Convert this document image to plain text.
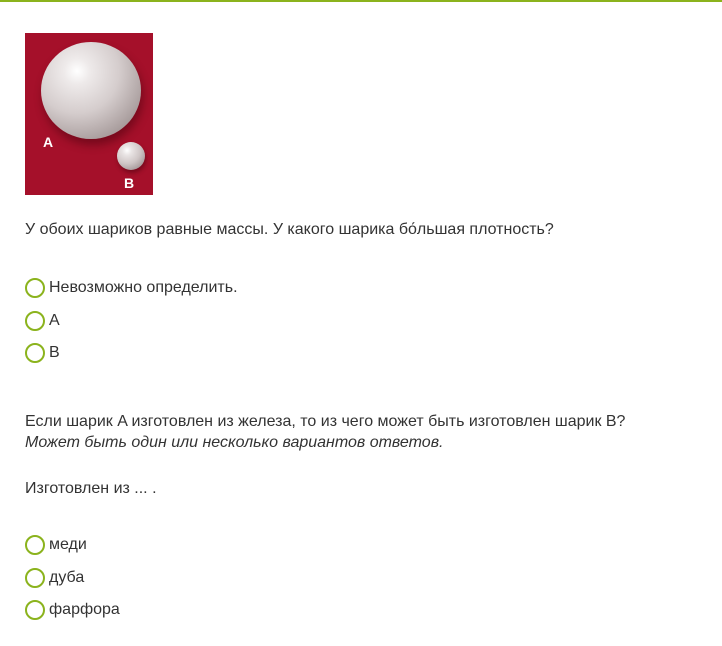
A
B
У обоих шариков равные массы. У какого шарика бо́льшая плотность?
Невозможно определить.
A
B
Если шарик A изготовлен из железа, то из чего может быть изготовлен шарик B?
Может быть один или несколько вариантов ответов.
Изготовлен из ... .
меди
дуба
фарфора
